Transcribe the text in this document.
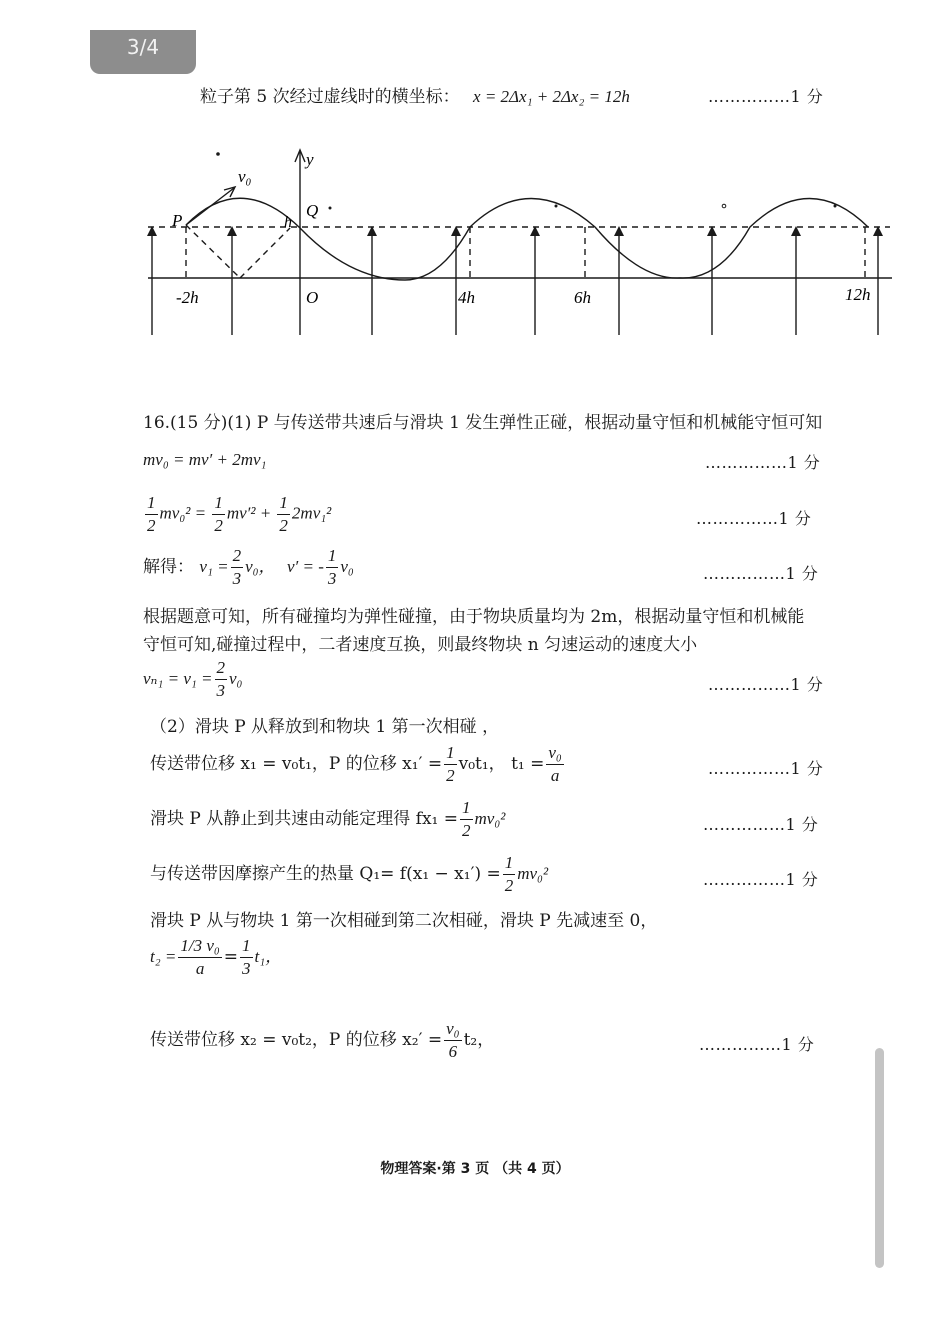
3/4
粒子第 5 次经过虚线时的横坐标： x = 2Δx₁ + 2Δx₂ = 12h	……………1 分
y
v₀
P
Q
h
-2h	O	4h	6h	12h
16.(15 分)(1) P 与传送带共速后与滑块 1 发生弹性正碰，根据动量守恒和机械能守恒可知
mv₀ = mv′ + 2mv₁	……………1 分
$\frac{1}{2} mv_0^2 = \frac{1}{2} mv'^2 + \frac{1}{2} 2mv_1^2$	……………1 分
解得： $v_1 = \frac{2}{3} v_0$， v′ = - $\frac{1}{3} v_0$	……………1 分
根据题意可知，所有碰撞均为弹性碰撞，由于物块质量均为 2m，根据动量守恒和机械能
守恒可知,碰撞过程中，二者速度互换，则最终物块 n 匀速运动的速度大小
$v_{n1} = v_1 = \frac{2}{3} v_0$	……………1 分
（2）滑块 P 从释放到和物块 1 第一次相碰 ，
传送带位移 x₁ = v₀t₁，P 的位移 $x_1' = \frac{1}{2} v_0t_1$， $t_1 = \frac{\text{v₀}}{a}$	……………1 分
滑块 P 从静止到共速由动能定理得 $fx_1 = \frac{1}{2} mv_0^2$	……………1 分
与传送带因摩擦产生的热量 $Q_1= f(x_1 - x_1') = \frac{1}{2} mv_0^2$	……………1 分
滑块 P 从与物块 1 第一次相碰到第二次相碰，滑块 P 先减速至 0，
$t_2 = \frac{\text{1/3 v₀}}{a} = \frac{1}{3} t_1$，
传送带位移 x₂ = v₀t₂，P 的位移 $x_2' = \frac{\text{v₀}}{6} t_2$，	……………1 分
物理答案·第 3 页 （共 4 页）
